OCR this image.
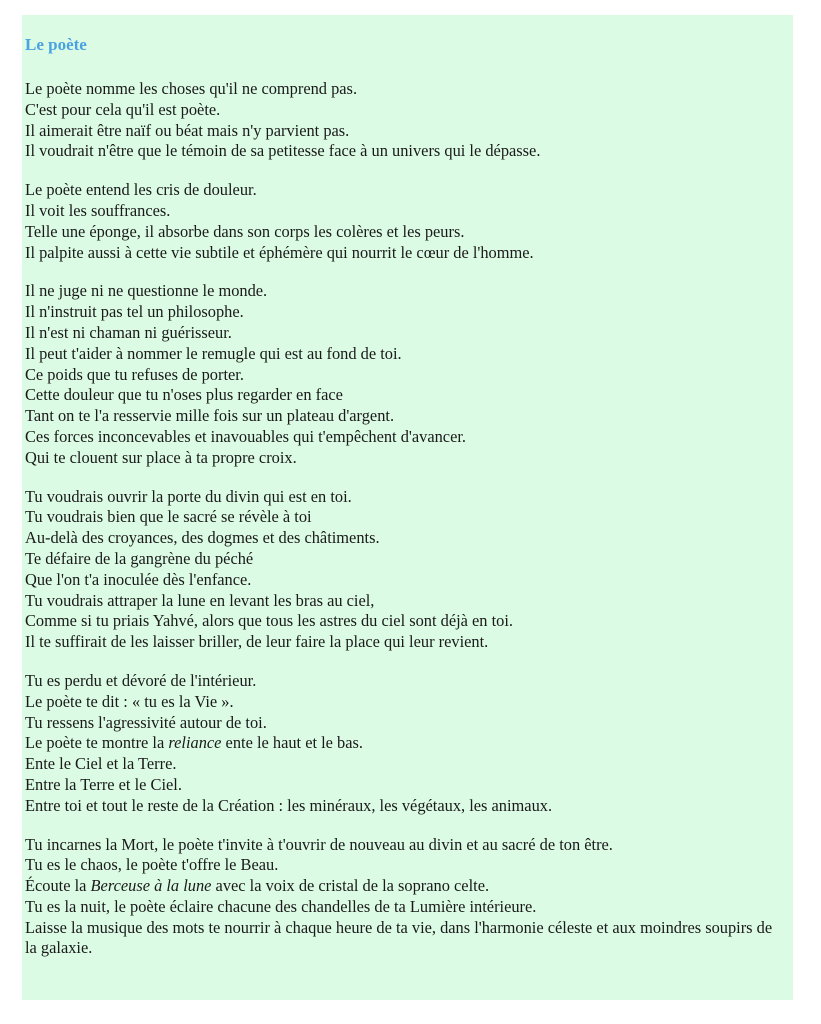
Le poète
Le poète nomme les choses qu'il ne comprend pas.
C'est pour cela qu'il est poète.
Il aimerait être naïf ou béat mais n'y parvient pas.
Il voudrait n'être que le témoin de sa petitesse face à un univers qui le dépasse.
Le poète entend les cris de douleur.
Il voit les souffrances.
Telle une éponge, il absorbe dans son corps les colères et les peurs.
Il palpite aussi à cette vie subtile et éphémère qui nourrit le cœur de l'homme.
Il ne juge ni ne questionne le monde.
Il n'instruit pas tel un philosophe.
Il n'est ni chaman ni guérisseur.
Il peut t'aider à nommer le remugle qui est au fond de toi.
Ce poids que tu refuses de porter.
Cette douleur que tu n'oses plus regarder en face
Tant on te l'a resservie mille fois sur un plateau d'argent.
Ces forces inconcevables et inavouables qui t'empêchent d'avancer.
Qui te clouent sur place à ta propre croix.
Tu voudrais ouvrir la porte du divin qui est en toi.
Tu voudrais bien que le sacré se révèle à toi
Au-delà des croyances, des dogmes et des châtiments.
Te défaire de la gangrène du péché
Que l'on t'a inoculée dès l'enfance.
Tu voudrais attraper la lune en levant les bras au ciel,
Comme si tu priais Yahvé, alors que tous les astres du ciel sont déjà en toi.
Il te suffirait de les laisser briller, de leur faire la place qui leur revient.
Tu es perdu et dévoré de l'intérieur.
Le poète te dit : « tu es la Vie ».
Tu ressens l'agressivité autour de toi.
Le poète te montre la reliance ente le haut et le bas.
Ente le Ciel et la Terre.
Entre la Terre et le Ciel.
Entre toi et tout le reste de la Création : les minéraux, les végétaux, les animaux.
Tu incarnes la Mort, le poète t'invite à t'ouvrir de nouveau au divin et au sacré de ton être.
Tu es le chaos, le poète t'offre le Beau.
Écoute la Berceuse à la lune avec la voix de cristal de la soprano celte.
Tu es la nuit, le poète éclaire chacune des chandelles de ta Lumière intérieure.
Laisse la musique des mots te nourrir à chaque heure de ta vie, dans l'harmonie céleste et aux moindres soupirs de la galaxie.
